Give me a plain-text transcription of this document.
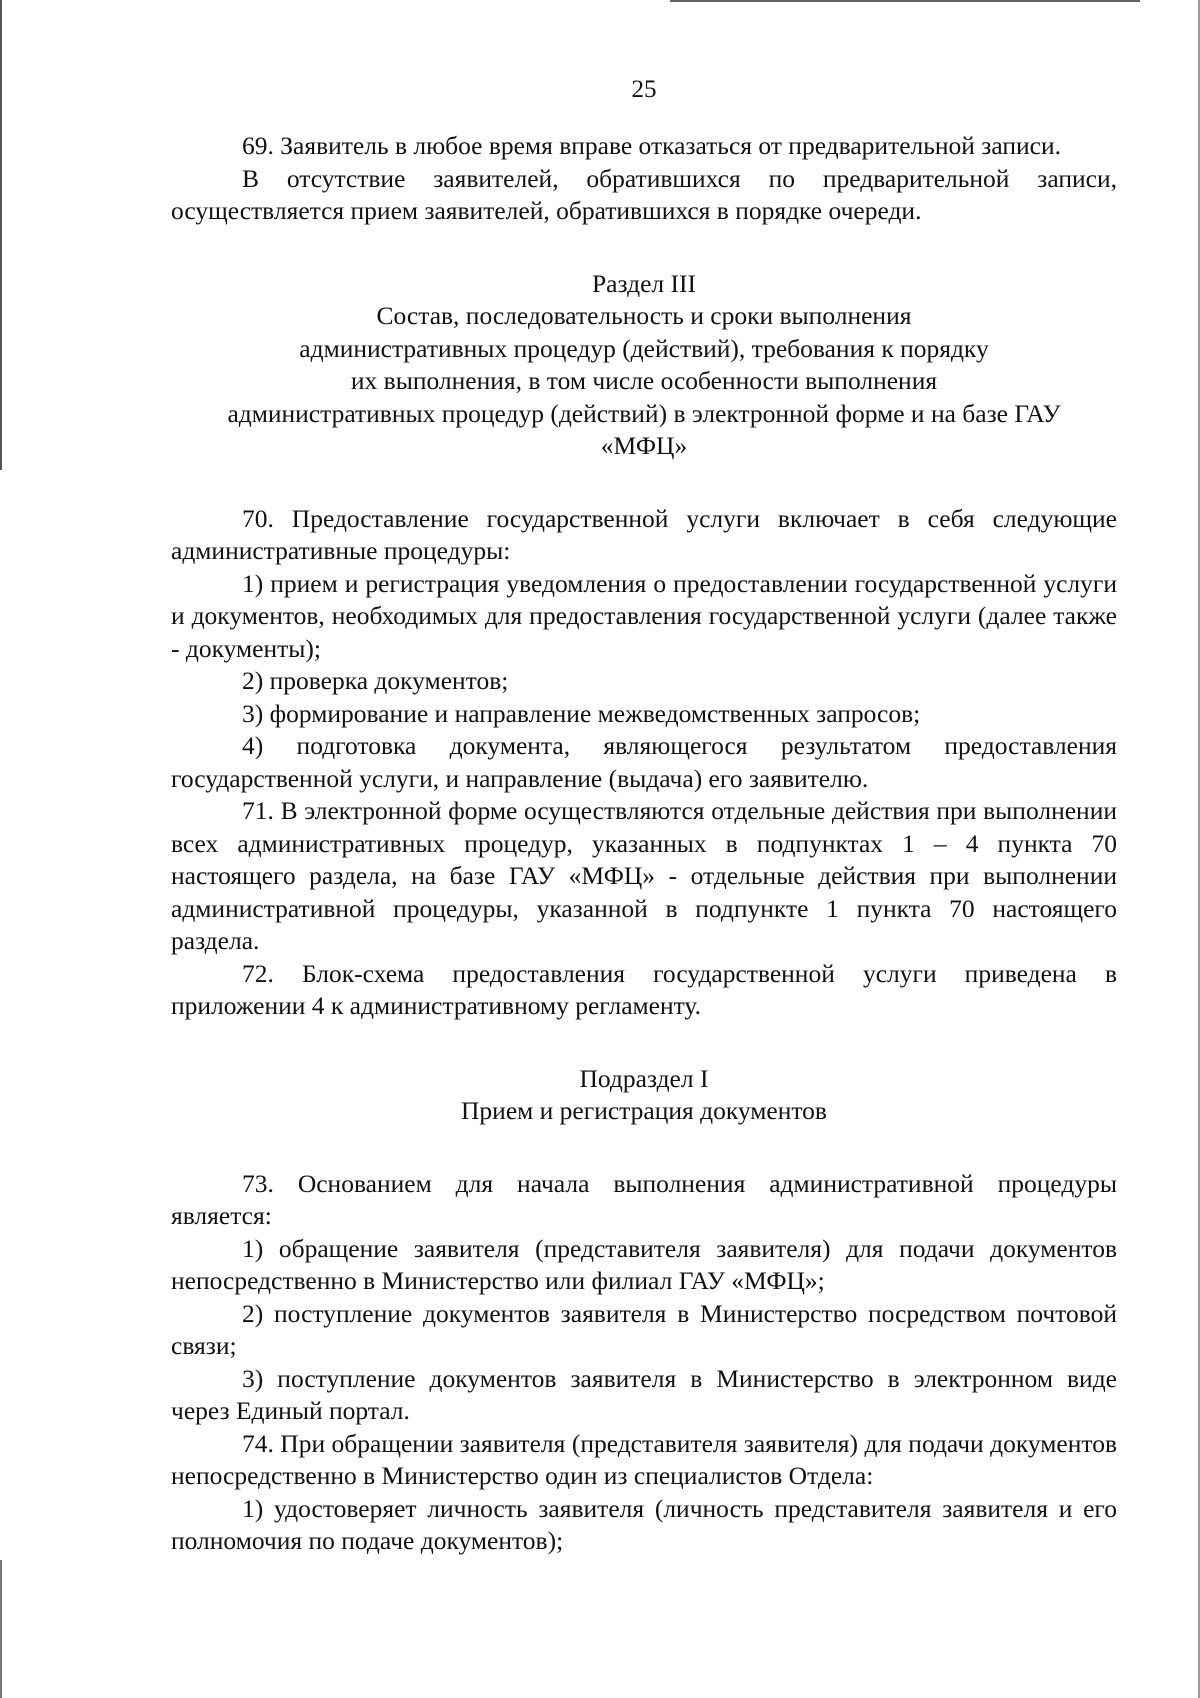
25

69. Заявитель в любое время вправе отказаться от предварительной записи.

В отсутствие заявителей, обратившихся по предварительной записи, осуществляется прием заявителей, обратившихся в порядке очереди.

Раздел III

Состав, последовательность и сроки выполнения

административных процедур (действий), требования к порядку

их выполнения, в том числе особенности выполнения

административных процедур (действий) в электронной форме и на базе ГАУ

«МФЦ»

70. Предоставление государственной услуги включает в себя следующие административные процедуры:

1) прием и регистрация уведомления о предоставлении государственной услуги и документов, необходимых для предоставления государственной услуги (далее также - документы);

2) проверка документов;

3) формирование и направление межведомственных запросов;

4) подготовка документа, являющегося результатом предоставления государственной услуги, и направление (выдача) его заявителю.

71. В электронной форме осуществляются отдельные действия при выполнении всех административных процедур, указанных в подпунктах 1 – 4 пункта 70 настоящего раздела, на базе ГАУ «МФЦ» - отдельные действия при выполнении административной процедуры, указанной в подпункте 1 пункта 70 настоящего раздела.

72. Блок-схема предоставления государственной услуги приведена в приложении 4 к административному регламенту.

Подраздел I

Прием и регистрация документов

73. Основанием для начала выполнения административной процедуры является:

1) обращение заявителя (представителя заявителя) для подачи документов непосредственно в Министерство или филиал ГАУ «МФЦ»;

2) поступление документов заявителя в Министерство посредством почтовой связи;

3) поступление документов заявителя в Министерство в электронном виде через Единый портал.

74. При обращении заявителя (представителя заявителя) для подачи документов непосредственно в Министерство один из специалистов Отдела:

1) удостоверяет личность заявителя (личность представителя заявителя и его полномочия по подаче документов);
